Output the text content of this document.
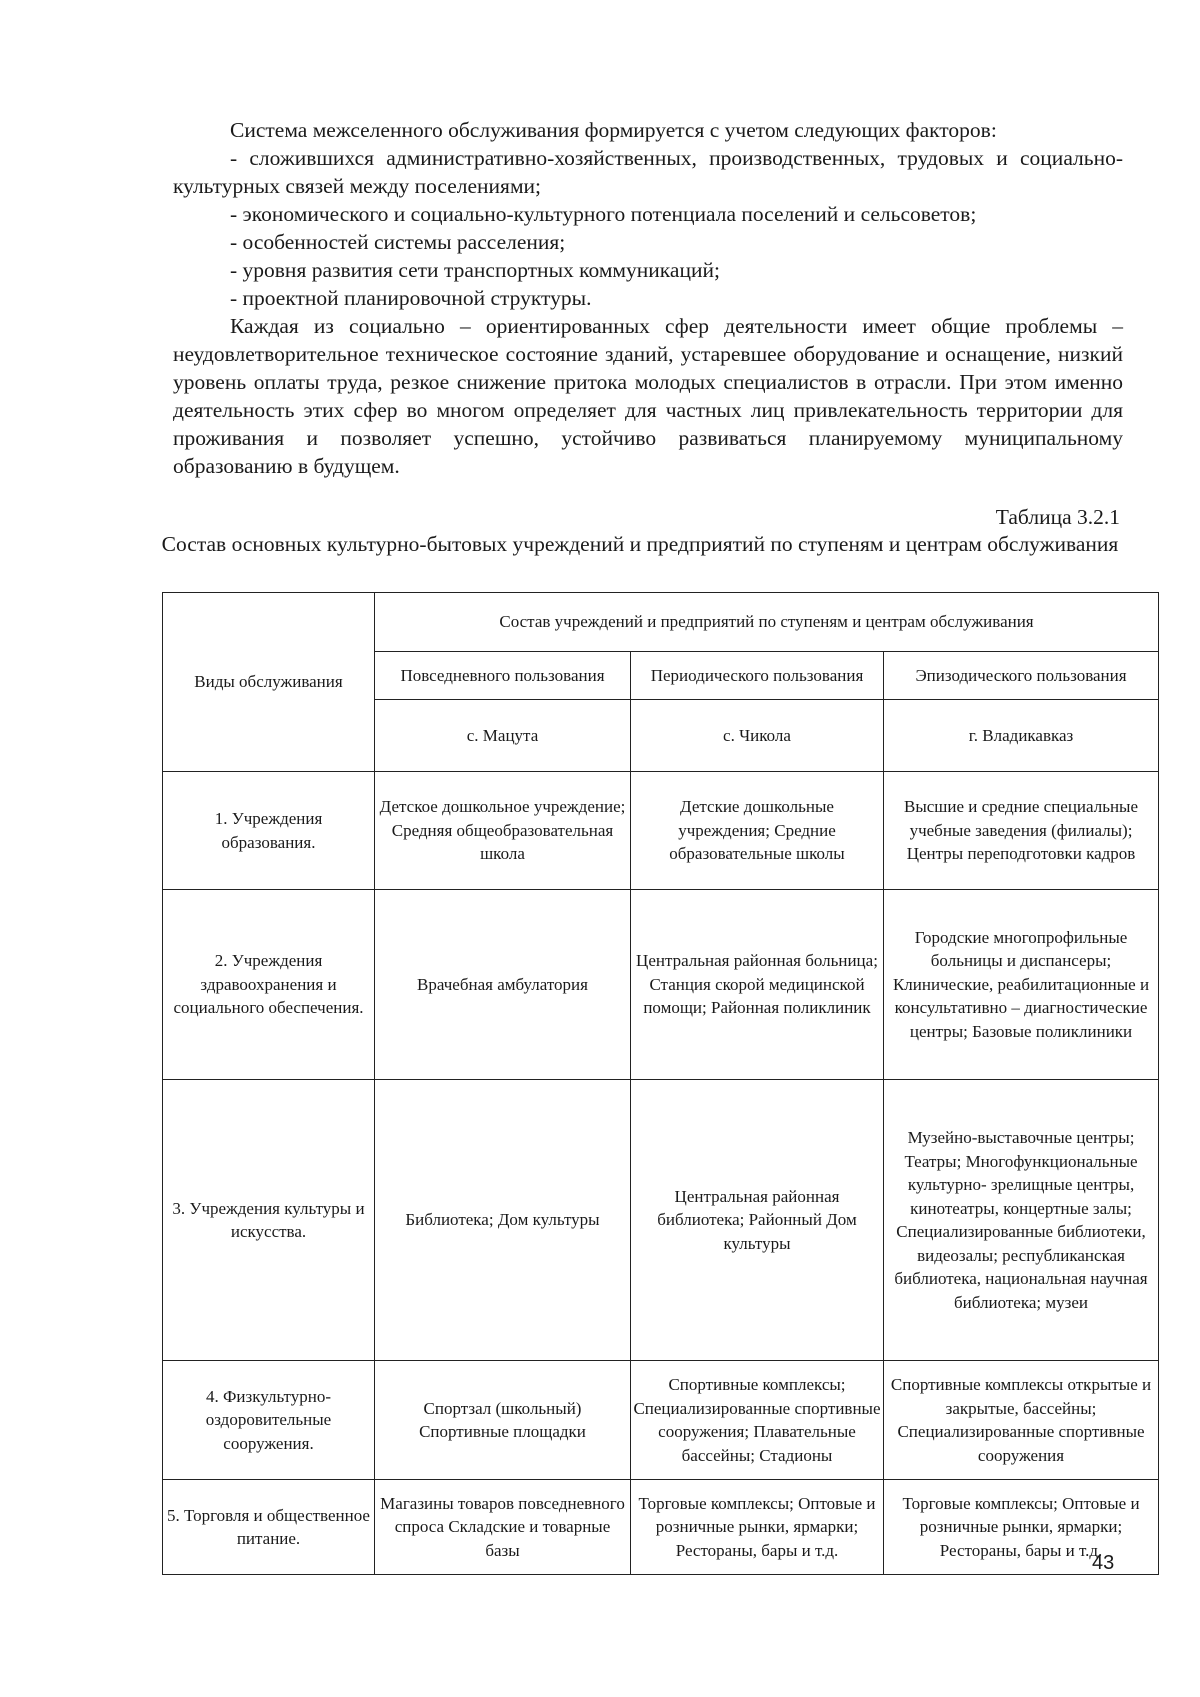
Система межселенного обслуживания формируется с учетом следующих факторов:

- сложившихся административно-хозяйственных, производственных, трудовых и социально-культурных связей между поселениями;

- экономического и социально-культурного потенциала поселений и сельсоветов;

- особенностей системы расселения;

- уровня развития сети транспортных коммуникаций;

- проектной планировочной структуры.

Каждая из социально – ориентированных сфер деятельности имеет общие проблемы – неудовлетворительное техническое состояние зданий, устаревшее оборудование и оснащение, низкий уровень оплаты труда, резкое снижение притока молодых специалистов в отрасли. При этом именно деятельность этих сфер во многом определяет для частных лиц привлекательность территории для проживания и позволяет успешно, устойчиво развиваться планируемому муниципальному образованию в будущем.

Таблица 3.2.1
Состав основных культурно-бытовых учреждений и предприятий по ступеням и центрам обслуживания
Виды обслуживания	Состав учреждений и предприятий по ступеням и центрам обслуживания		
	Повседневного пользования	Периодического пользования	Эпизодического пользования
	с. Мацута	с. Чикола	г. Владикавказ
1. Учреждения образования.	Детское дошкольное учреждение; Средняя общеобразовательная школа	Детские дошкольные учреждения; Средние образовательные школы	Высшие и средние специальные учебные заведения (филиалы); Центры переподготовки кадров
2. Учреждения здравоохранения и социального обеспечения.	Врачебная амбулатория	Центральная районная больница; Станция скорой медицинской помощи; Районная поликлиник	Городские многопрофильные больницы и диспансеры; Клинические, реабилитационные и консультативно – диагностические центры; Базовые поликлиники
3. Учреждения культуры и искусства.	Библиотека; Дом культуры	Центральная районная библиотека; Районный Дом культуры	Музейно-выставочные центры; Театры; Многофункциональные культурно- зрелищные центры, кинотеатры, концертные залы; Специализированные библиотеки, видеозалы; республиканская библиотека, национальная научная библиотека; музеи
4. Физкультурно-оздоровительные сооружения.	Спортзал (школьный) Спортивные площадки	Спортивные комплексы; Специализированные спортивные сооружения; Плавательные бассейны; Стадионы	Спортивные комплексы открытые и закрытые, бассейны; Специализированные спортивные сооружения
5. Торговля и общественное питание.	Магазины товаров повседневного спроса Складские и товарные базы	Торговые комплексы; Оптовые и розничные рынки, ярмарки; Рестораны, бары и т.д.	Торговые комплексы; Оптовые и розничные рынки, ярмарки; Рестораны, бары и т.д.
43
